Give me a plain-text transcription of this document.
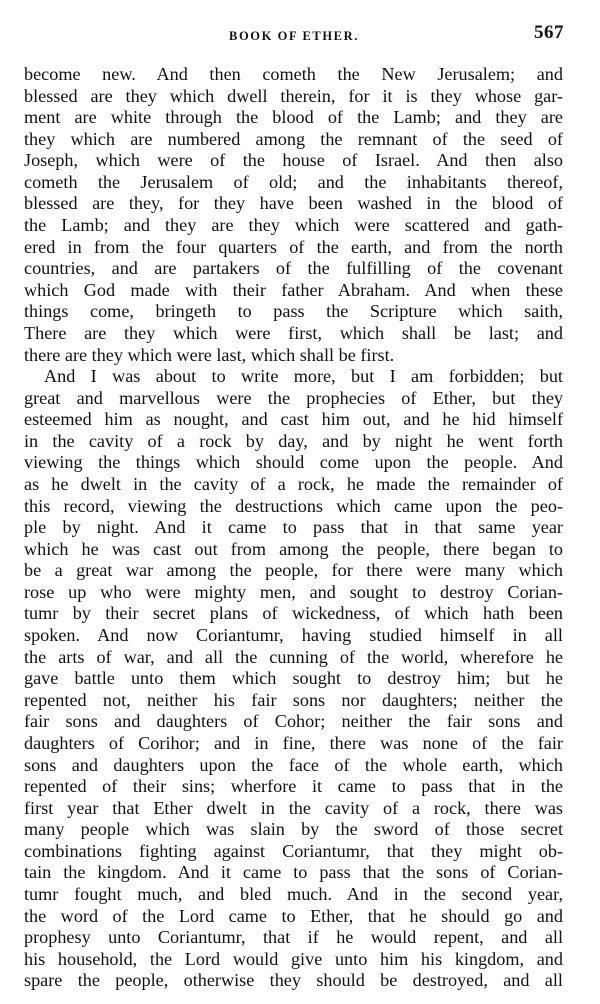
BOOK OF ETHER.	567
become new. And then cometh the New Jerusalem; and
blessed are they which dwell therein, for it is they whose gar-
ment are white through the blood of the Lamb; and they are
they which are numbered among the remnant of the seed of
Joseph, which were of the house of Israel. And then also
cometh the Jerusalem of old; and the inhabitants thereof,
blessed are they, for they have been washed in the blood of
the Lamb; and they are they which were scattered and gath-
ered in from the four quarters of the earth, and from the north
countries, and are partakers of the fulfilling of the covenant
which God made with their father Abraham. And when these
things come, bringeth to pass the Scripture which saith,
There are they which were first, which shall be last; and
there are they which were last, which shall be first.
And I was about to write more, but I am forbidden; but
great and marvellous were the prophecies of Ether, but they
esteemed him as nought, and cast him out, and he hid himself
in the cavity of a rock by day, and by night he went forth
viewing the things which should come upon the people. And
as he dwelt in the cavity of a rock, he made the remainder of
this record, viewing the destructions which came upon the peo-
ple by night. And it came to pass that in that same year
which he was cast out from among the people, there began to
be a great war among the people, for there were many which
rose up who were mighty men, and sought to destroy Corian-
tumr by their secret plans of wickedness, of which hath been
spoken. And now Coriantumr, having studied himself in all
the arts of war, and all the cunning of the world, wherefore he
gave battle unto them which sought to destroy him; but he
repented not, neither his fair sons nor daughters; neither the
fair sons and daughters of Cohor; neither the fair sons and
daughters of Corihor; and in fine, there was none of the fair
sons and daughters upon the face of the whole earth, which
repented of their sins; wherfore it came to pass that in the
first year that Ether dwelt in the cavity of a rock, there was
many people which was slain by the sword of those secret
combinations fighting against Coriantumr, that they might ob-
tain the kingdom. And it came to pass that the sons of Corian-
tumr fought much, and bled much. And in the second year,
the word of the Lord came to Ether, that he should go and
prophesy unto Coriantumr, that if he would repent, and all
his household, the Lord would give unto him his kingdom, and
spare the people, otherwise they should be destroyed, and all
